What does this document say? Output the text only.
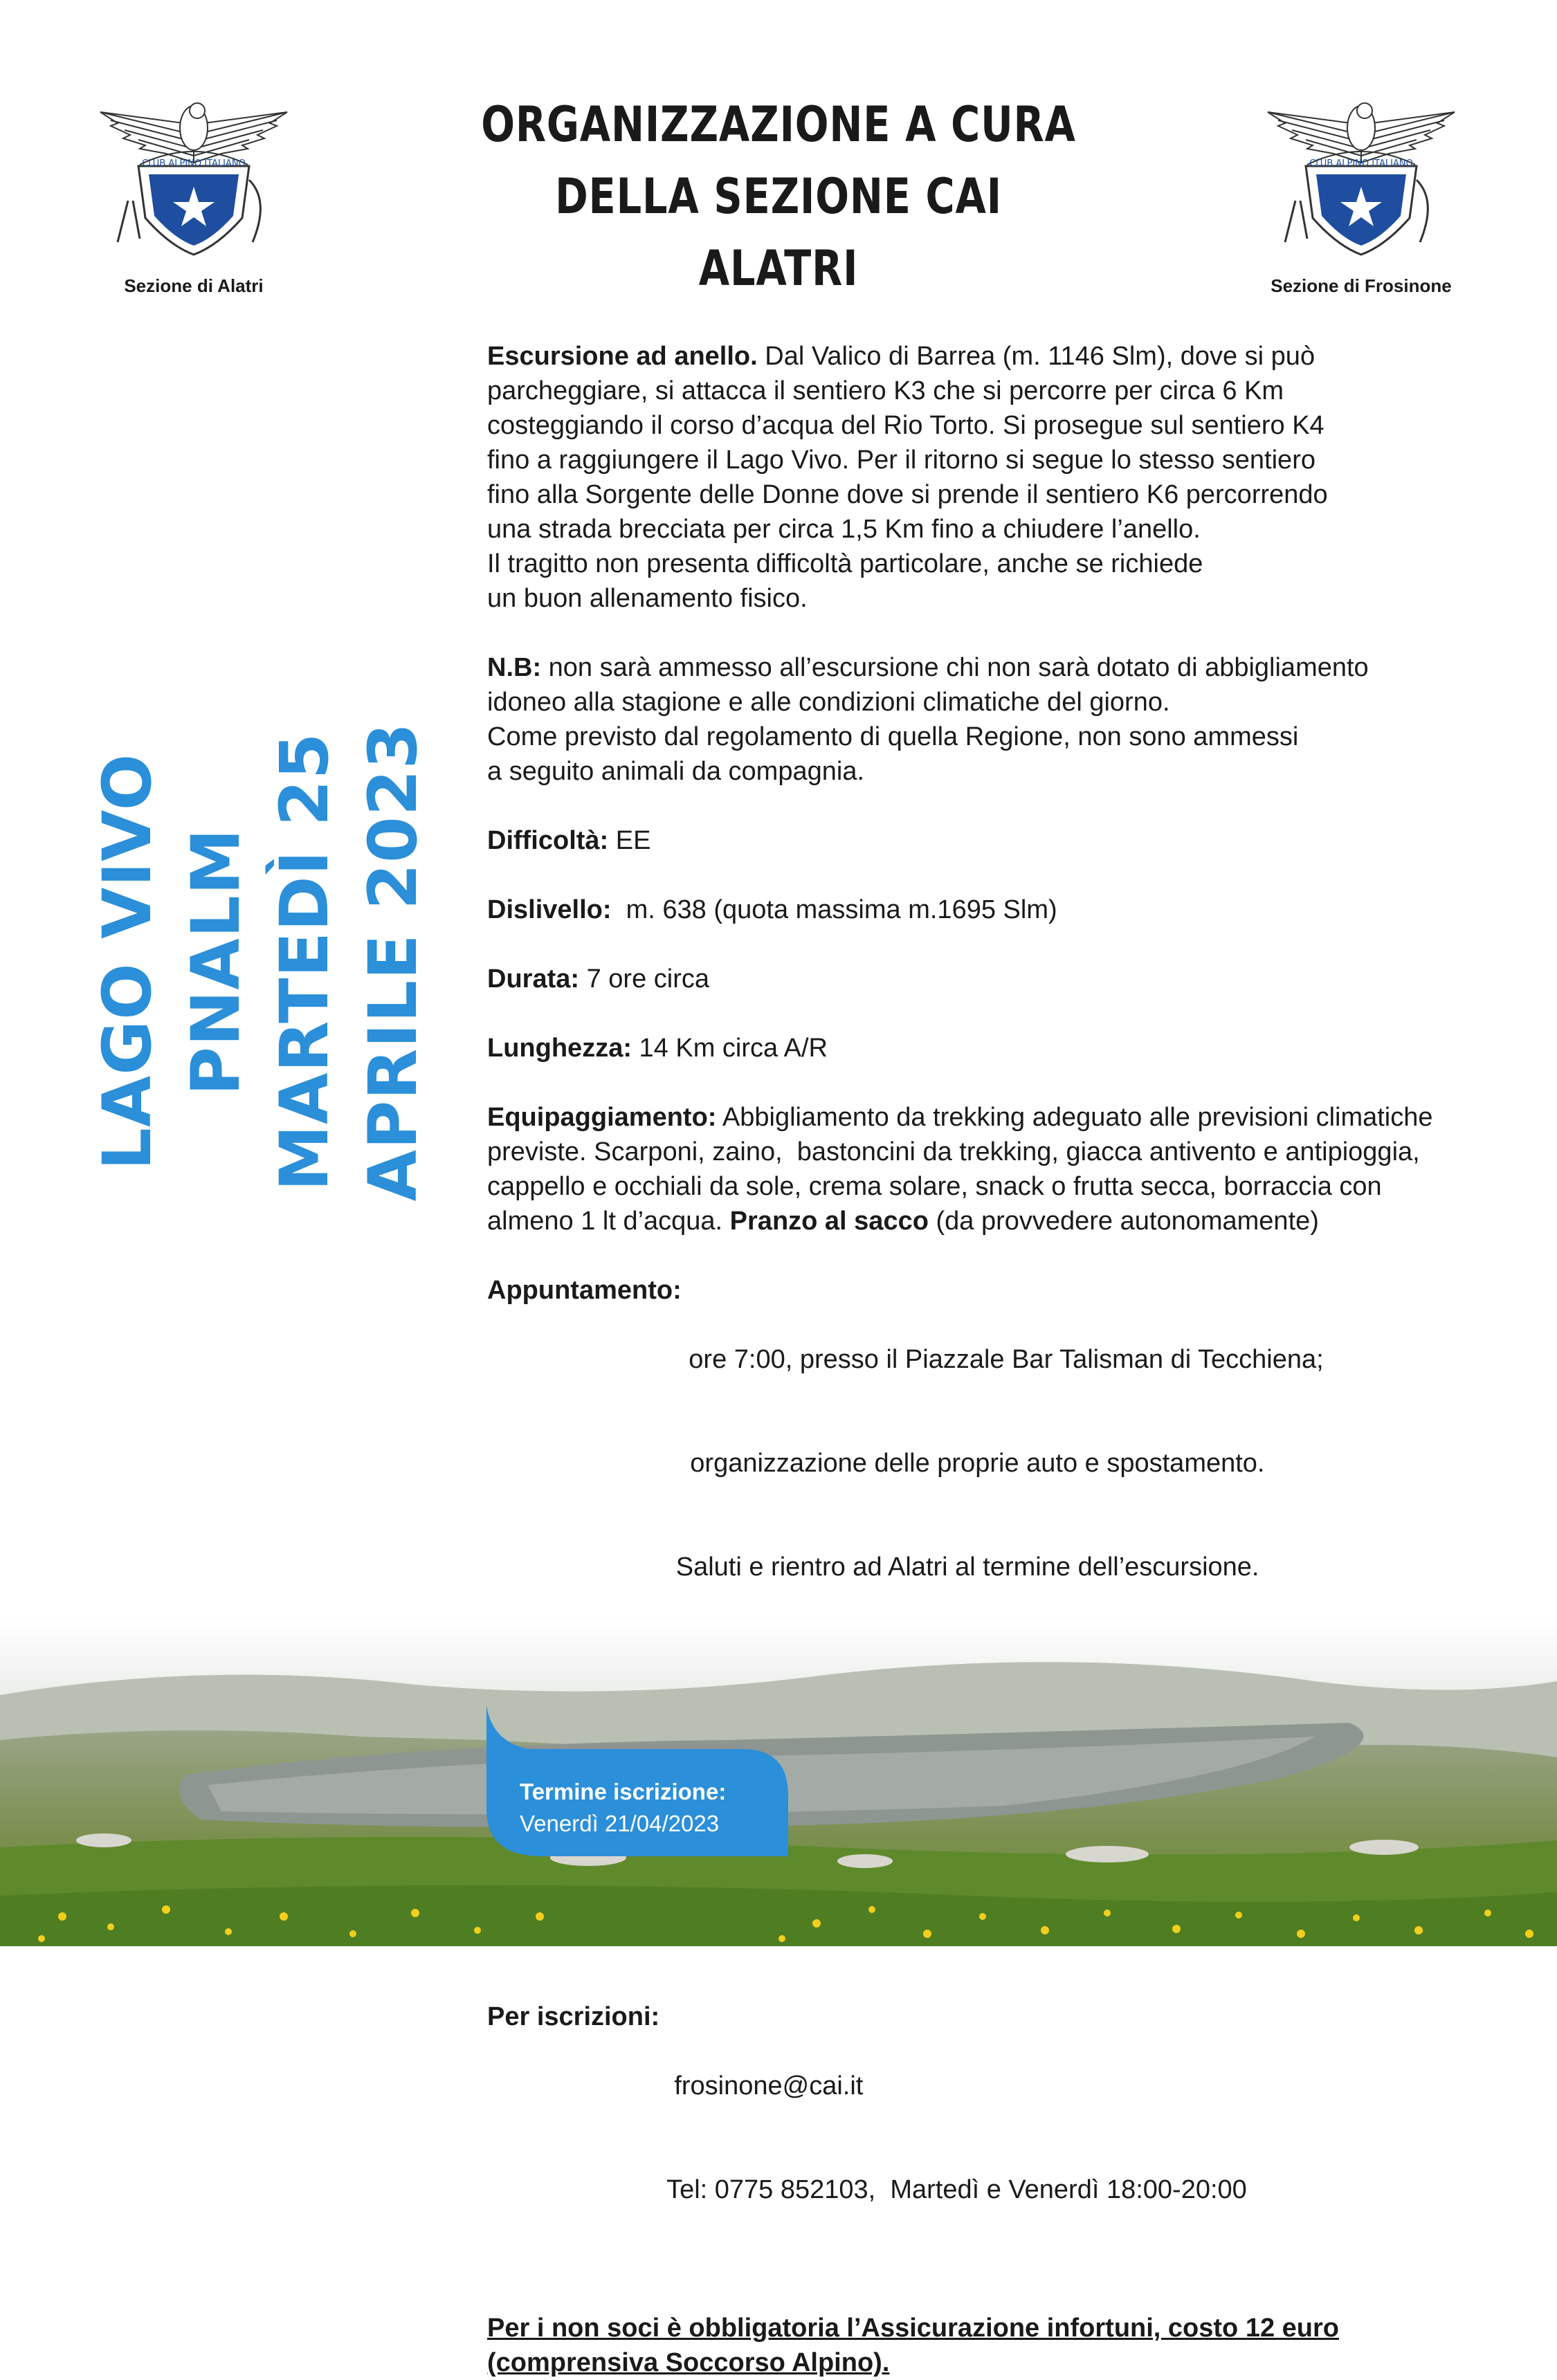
CLUB ALPINO ITALIANO
Sezione di Alatri
CLUB ALPINO ITALIANO
Sezione di Frosinone
ORGANIZZAZIONE A CURA
DELLA SEZIONE CAI ALATRI
LAGO VIVO PNALM MARTEDÌ 25 APRILE 2023

Escursione ad anello. Dal Valico di Barrea (m. 1146 Slm), dove si può
parcheggiare, si attacca il sentiero K3 che si percorre per circa 6 Km
costeggiando il corso d’acqua del Rio Torto. Si prosegue sul sentiero K4
fino a raggiungere il Lago Vivo. Per il ritorno si segue lo stesso sentiero
fino alla Sorgente delle Donne dove si prende il sentiero K6 percorrendo
una strada brecciata per circa 1,5 Km fino a chiudere l’anello.
Il tragitto non presenta difficoltà particolare, anche se richiede
un buon allenamento fisico.

N.B: non sarà ammesso all’escursione chi non sarà dotato di abbigliamento
idoneo alla stagione e alle condizioni climatiche del giorno.
Come previsto dal regolamento di quella Regione, non sono ammessi
a seguito animali da compagnia.

Difficoltà: EE

Dislivello:  m. 638 (quota massima m.1695 Slm)

Durata: 7 ore circa

Lunghezza: 14 Km circa A/R

Equipaggiamento: Abbigliamento da trekking adeguato alle previsioni climatiche
previste. Scarponi, zaino,  bastoncini da trekking, giacca antivento e antipioggia,
cappello e occhiali da sole, crema solare, snack o frutta secca, borraccia con
almeno 1 lt d’acqua. Pranzo al sacco (da provvedere autonomamente)

Appuntamento:

ore 7:00, presso il Piazzale Bar Talisman di Tecchiena;

organizzazione delle proprie auto e spostamento.

Saluti e rientro ad Alatri al termine dell’escursione.

Per iscrizioni:

frosinone@cai.it

Tel: 0775 852103,  Martedì e Venerdì 18:00-20:00

Per i non soci è obbligatoria l’Assicurazione infortuni, costo 12 euro
(comprensiva Soccorso Alpino).

Termine iscrizione:
Venerdì 21/04/2023
